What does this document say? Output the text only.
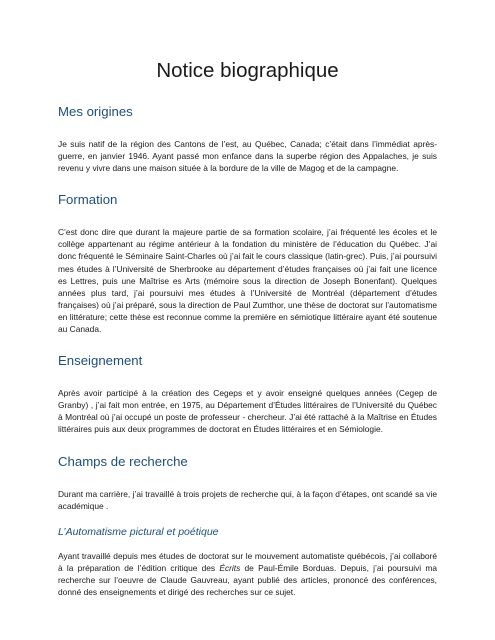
Notice biographique
Mes origines

Je suis natif de la région des Cantons de l’est, au Québec, Canada; c’était dans l’immédiat après-guerre, en janvier 1946. Ayant passé mon enfance dans la superbe région des Appalaches, je suis revenu y vivre dans une maison située à la bordure de la ville de Magog et de la campagne.

Formation

C’est donc dire que durant la majeure partie de sa formation scolaire, j’ai fréquenté les écoles et le collège appartenant au régime antérieur à la fondation du ministère de l’éducation du Québec. J’ai donc fréquenté le Séminaire Saint-Charles où j’ai fait le cours classique (latin-grec). Puis, j’ai poursuivi mes études à l’Université de Sherbrooke au département d’études françaises où j’ai fait une licence es Lettres, puis une Maîtrise es Arts (mémoire sous la direction de Joseph Bonenfant). Quelques années plus tard, j’ai poursuivi mes études à l’Université de Montréal (département d’études françaises) où j’ai préparé, sous la direction de Paul Zumthor, une thèse de doctorat sur l’automatisme en littérature; cette thèse est reconnue comme la première en sémiotique littéraire ayant été soutenue au Canada.

Enseignement

Après avoir participé à la création des Cegeps et y avoir enseigné quelques années (Cegep de Granby) , j’ai fait mon entrée, en 1975, au Département d’Études littéraires de l’Université du Québec à Montréal où j’ai occupé un poste de professeur - chercheur. J’ai été rattaché à la Maîtrise en Études littéraires puis aux deux programmes de doctorat en Études littéraires et en Sémiologie.

Champs de recherche

Durant ma carrière, j’ai travaillé à trois projets de recherche qui, à la façon d’étapes, ont scandé sa vie académique .

L’Automatisme pictural et poétique

Ayant travaillé depuis mes études de doctorat sur le mouvement automatiste québécois, j’ai collaboré à la préparation de l’édition critique des Écrits de Paul-Émile Borduas. Depuis, j’ai poursuivi ma recherche sur l’oeuvre de Claude Gauvreau, ayant publié des articles, prononcé des conférences, donné des enseignements et dirigé des recherches sur ce sujet.
